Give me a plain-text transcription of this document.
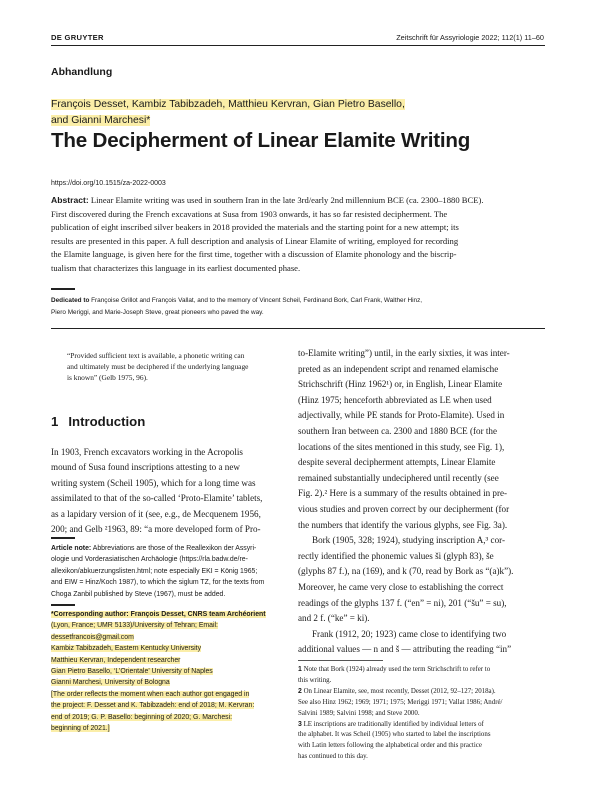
DE GRUYTER	Zeitschrift für Assyriologie 2022; 112(1) 11–60
Abhandlung
François Desset, Kambiz Tabibzadeh, Matthieu Kervran, Gian Pietro Basello,
and Gianni Marchesi*
The Decipherment of Linear Elamite Writing
https://doi.org/10.1515/za-2022-0003
Abstract: Linear Elamite writing was used in southern Iran in the late 3rd/early 2nd millennium BCE (ca. 2300–1880 BCE).
First discovered during the French excavations at Susa from 1903 onwards, it has so far resisted decipherment. The
publication of eight inscribed silver beakers in 2018 provided the materials and the starting point for a new attempt; its
results are presented in this paper. A full description and analysis of Linear Elamite of writing, employed for recording
the Elamite language, is given here for the first time, together with a discussion of Elamite phonology and the biscrip-
tualism that characterizes this language in its earliest documented phase.
Dedicated to Françoise Grillot and François Vallat, and to the memory of Vincent Scheil, Ferdinand Bork, Carl Frank, Walther Hinz,
Piero Meriggi, and Marie-Joseph Steve, great pioneers who paved the way.
“Provided sufficient text is available, a phonetic writing can
and ultimately must be deciphered if the underlying language
is known” (Gelb 1975, 96).
1 Introduction
In 1903, French excavators working in the Acropolis
mound of Susa found inscriptions attesting to a new
writing system (Scheil 1905), which for a long time was
assimilated to that of the so-called ‘Proto-Elamite’ tablets,
as a lapidary version of it (see, e.g., de Mecquenem 1956,
200; and Gelb ²1963, 89: “a more developed form of Pro-
Article note: Abbreviations are those of the Reallexikon der Assyri-
ologie und Vorderasiatischen Archäologie (https://rla.badw.de/re-
allexikon/abkuerzungslisten.html; note especially EKI = König 1965;
and EIW = Hinz/Koch 1987), to which the siglum TZ, for the texts from
Choga Zanbil published by Steve (1967), must be added.
*Corresponding author: François Desset, CNRS team Archéorient
(Lyon, France; UMR 5133)/University of Tehran; Email:
dessetfrancois@gmail.com
Kambiz Tabibzadeh, Eastern Kentucky University
Matthieu Kervran, Independent researcher
Gian Pietro Basello, ‘L’Orientale’ University of Naples
Gianni Marchesi, University of Bologna
[The order reflects the moment when each author got engaged in
the project: F. Desset and K. Tabibzadeh: end of 2018; M. Kervran:
end of 2019; G. P. Basello: beginning of 2020; G. Marchesi:
beginning of 2021.]
to-Elamite writing”) until, in the early sixties, it was inter-
preted as an independent script and renamed elamische
Strichschrift (Hinz 1962¹) or, in English, Linear Elamite
(Hinz 1975; henceforth abbreviated as LE when used
adjectivally, while PE stands for Proto-Elamite). Used in
southern Iran between ca. 2300 and 1880 BCE (for the
locations of the sites mentioned in this study, see Fig. 1),
despite several decipherment attempts, Linear Elamite
remained substantially undeciphered until recently (see
Fig. 2).² Here is a summary of the results obtained in pre-
vious studies and proven correct by our decipherment (for
the numbers that identify the various glyphs, see Fig. 3a).
Bork (1905, 328; 1924), studying inscription A,³ cor-
rectly identified the phonemic values ši (glyph 83), še
(glyphs 87 f.), na (169), and k (70, read by Bork as “(a)k”).
Moreover, he came very close to establishing the correct
readings of the glyphs 137 f. (“en” = ni), 201 (“šu” = su),
and 2 f. (“ke” = ki).
Frank (1912, 20; 1923) came close to identifying two
additional values — n and š — attributing the reading “in”
1 Note that Bork (1924) already used the term Strichschrift to refer to
this writing.
2 On Linear Elamite, see, most recently, Desset (2012, 92–127; 2018a).
See also Hinz 1962; 1969; 1971; 1975; Meriggi 1971; Vallat 1986; André/
Salvini 1989; Salvini 1998; and Steve 2000.
3 LE inscriptions are traditionally identified by individual letters of
the alphabet. It was Scheil (1905) who started to label the inscriptions
with Latin letters following the alphabetical order and this practice
has continued to this day.
